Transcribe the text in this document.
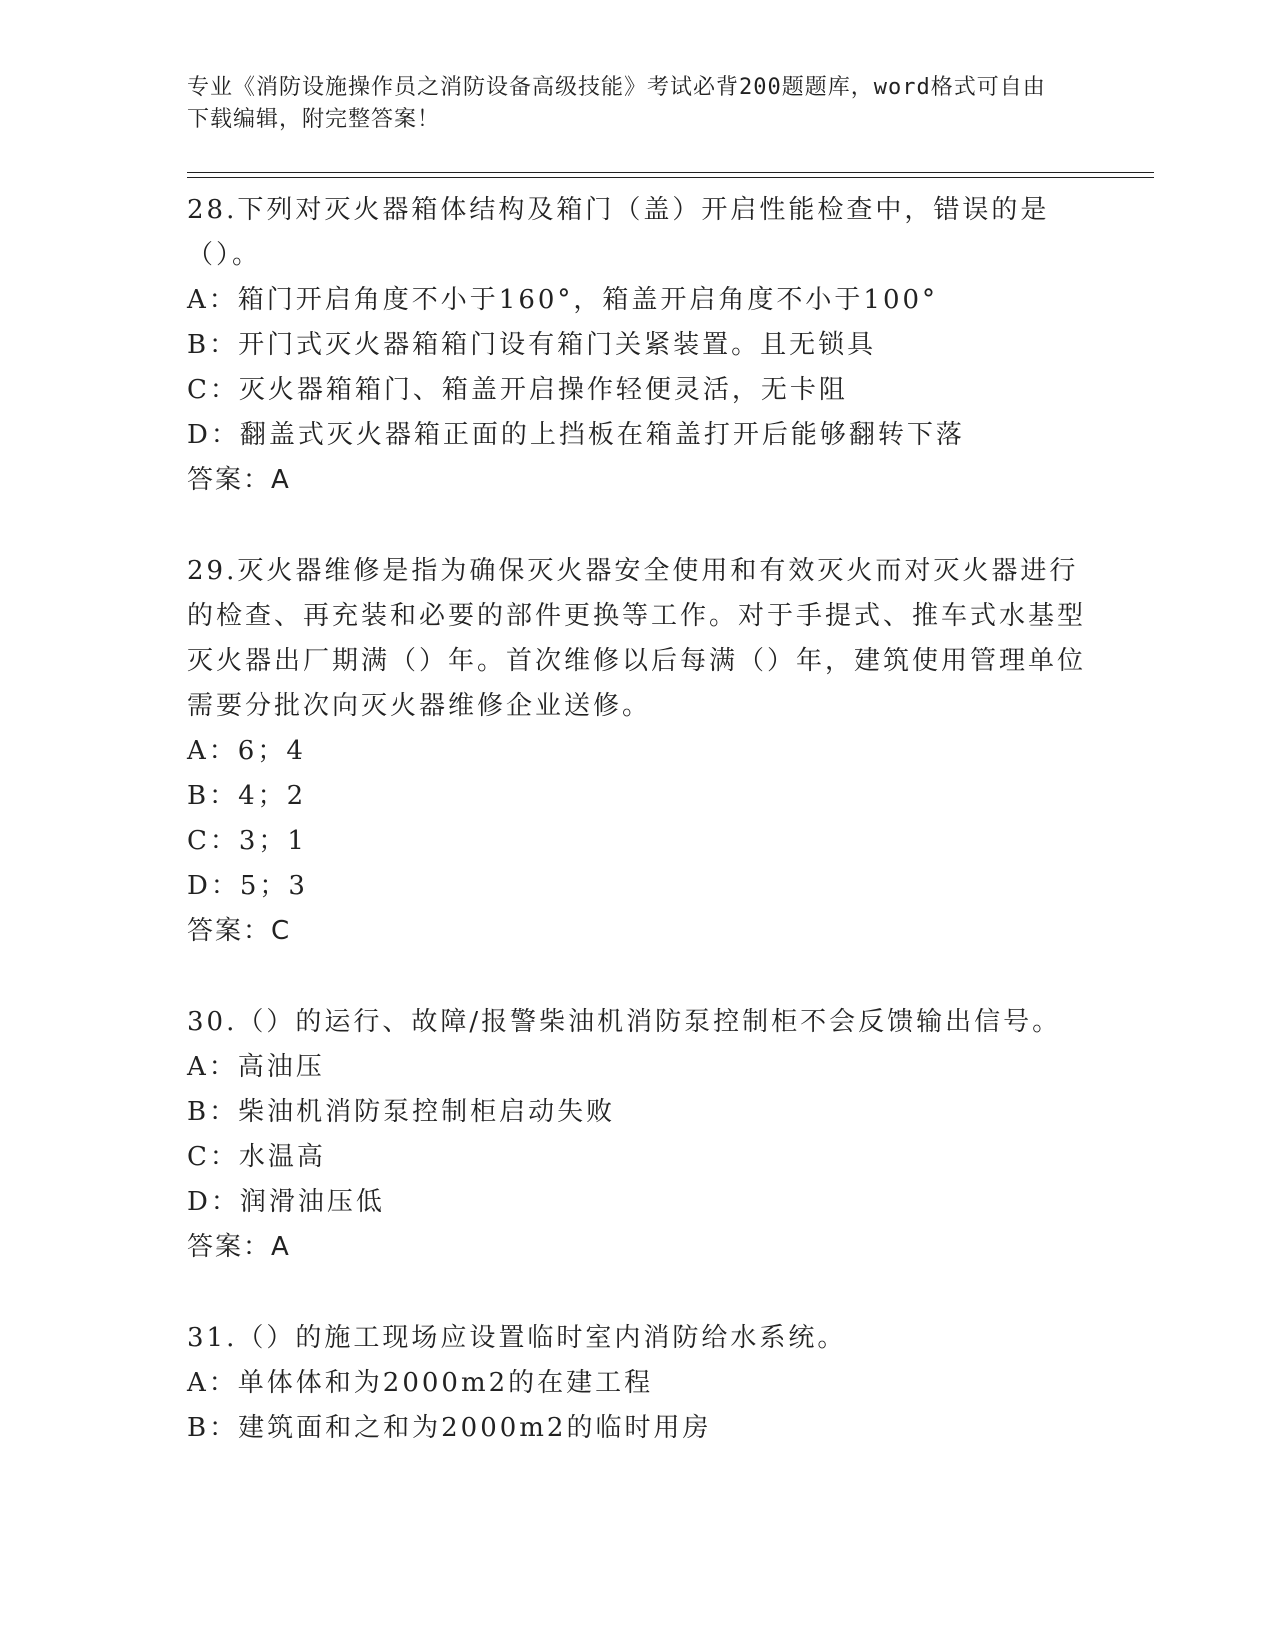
专业《消防设施操作员之消防设备高级技能》考试必背200题题库，word格式可自由下载编辑，附完整答案！
28.下列对灭火器箱体结构及箱门（盖）开启性能检查中，错误的是（）。
A：箱门开启角度不小于160°，箱盖开启角度不小于100°
B：开门式灭火器箱箱门设有箱门关紧装置。且无锁具
C：灭火器箱箱门、箱盖开启操作轻便灵活，无卡阻
D：翻盖式灭火器箱正面的上挡板在箱盖打开后能够翻转下落
答案：A
29.灭火器维修是指为确保灭火器安全使用和有效灭火而对灭火器进行的检查、再充装和必要的部件更换等工作。对于手提式、推车式水基型灭火器出厂期满（）年。首次维修以后每满（）年，建筑使用管理单位需要分批次向灭火器维修企业送修。
A：6；4
B：4；2
C：3；1
D：5；3
答案：C
30.（）的运行、故障/报警柴油机消防泵控制柜不会反馈输出信号。
A：高油压
B：柴油机消防泵控制柜启动失败
C：水温高
D：润滑油压低
答案：A
31.（）的施工现场应设置临时室内消防给水系统。
A：单体体和为2000m2的在建工程
B：建筑面和之和为2000m2的临时用房
